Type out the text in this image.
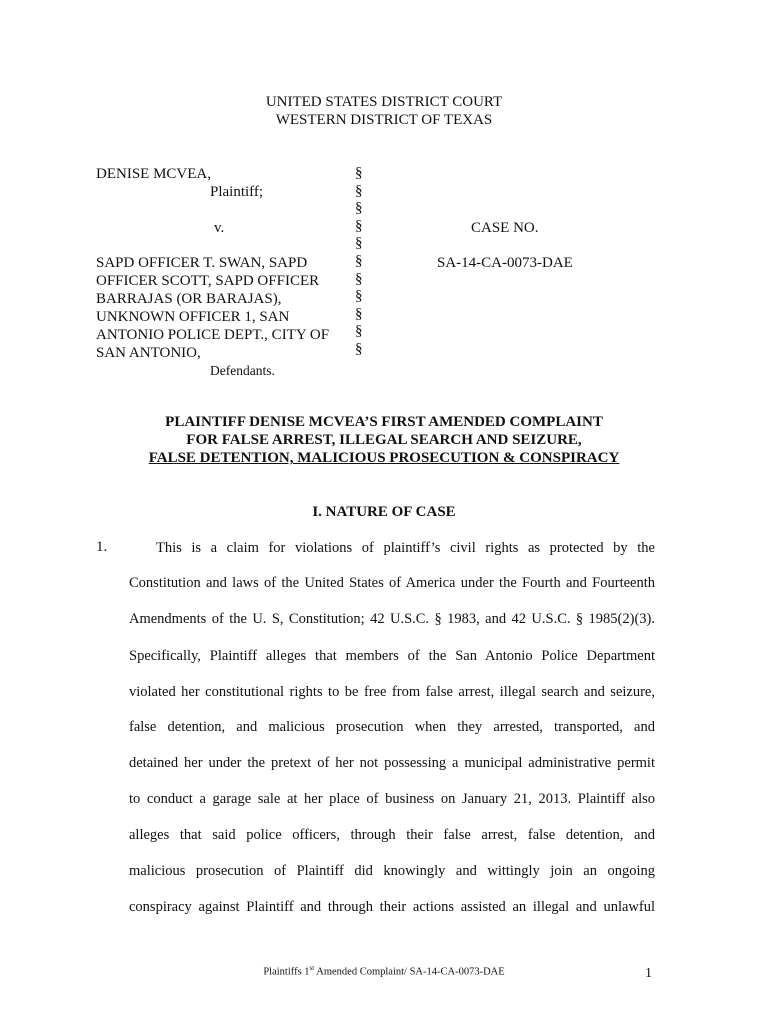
UNITED STATES DISTRICT COURT
WESTERN DISTRICT OF TEXAS
DENISE MCVEA,
Plaintiff;
v.
SAPD OFFICER T. SWAN, SAPD
OFFICER SCOTT, SAPD OFFICER
BARRAJAS (OR BARAJAS),
UNKNOWN OFFICER 1, SAN
ANTONIO POLICE DEPT., CITY OF
SAN ANTONIO,
Defendants.
§
§
§
§
§
§
§
§
§
§
§
CASE NO.
SA-14-CA-0073-DAE
PLAINTIFF DENISE MCVEA’S FIRST AMENDED COMPLAINT
FOR FALSE ARREST, ILLEGAL SEARCH AND SEIZURE,
FALSE DETENTION, MALICIOUS PROSECUTION & CONSPIRACY
I. NATURE OF CASE
1.	This is a claim for violations of plaintiff’s civil rights as protected by the
Constitution and laws of the United States of America under the Fourth and Fourteenth
Amendments of the U. S, Constitution; 42 U.S.C. § 1983, and 42 U.S.C. § 1985(2)(3).
Specifically, Plaintiff alleges that members of the San Antonio Police Department
violated her constitutional rights to be free from false arrest, illegal search and seizure,
false detention, and malicious prosecution when they arrested, transported, and
detained her under the pretext of her not possessing a municipal administrative permit
to conduct a garage sale at her place of business on January 21, 2013. Plaintiff also
alleges that said police officers, through their false arrest, false detention, and
malicious prosecution of Plaintiff did knowingly and wittingly join an ongoing
conspiracy against Plaintiff and through their actions assisted an illegal and unlawful
Plaintiffs 1st Amended Complaint/ SA-14-CA-0073-DAE	1
